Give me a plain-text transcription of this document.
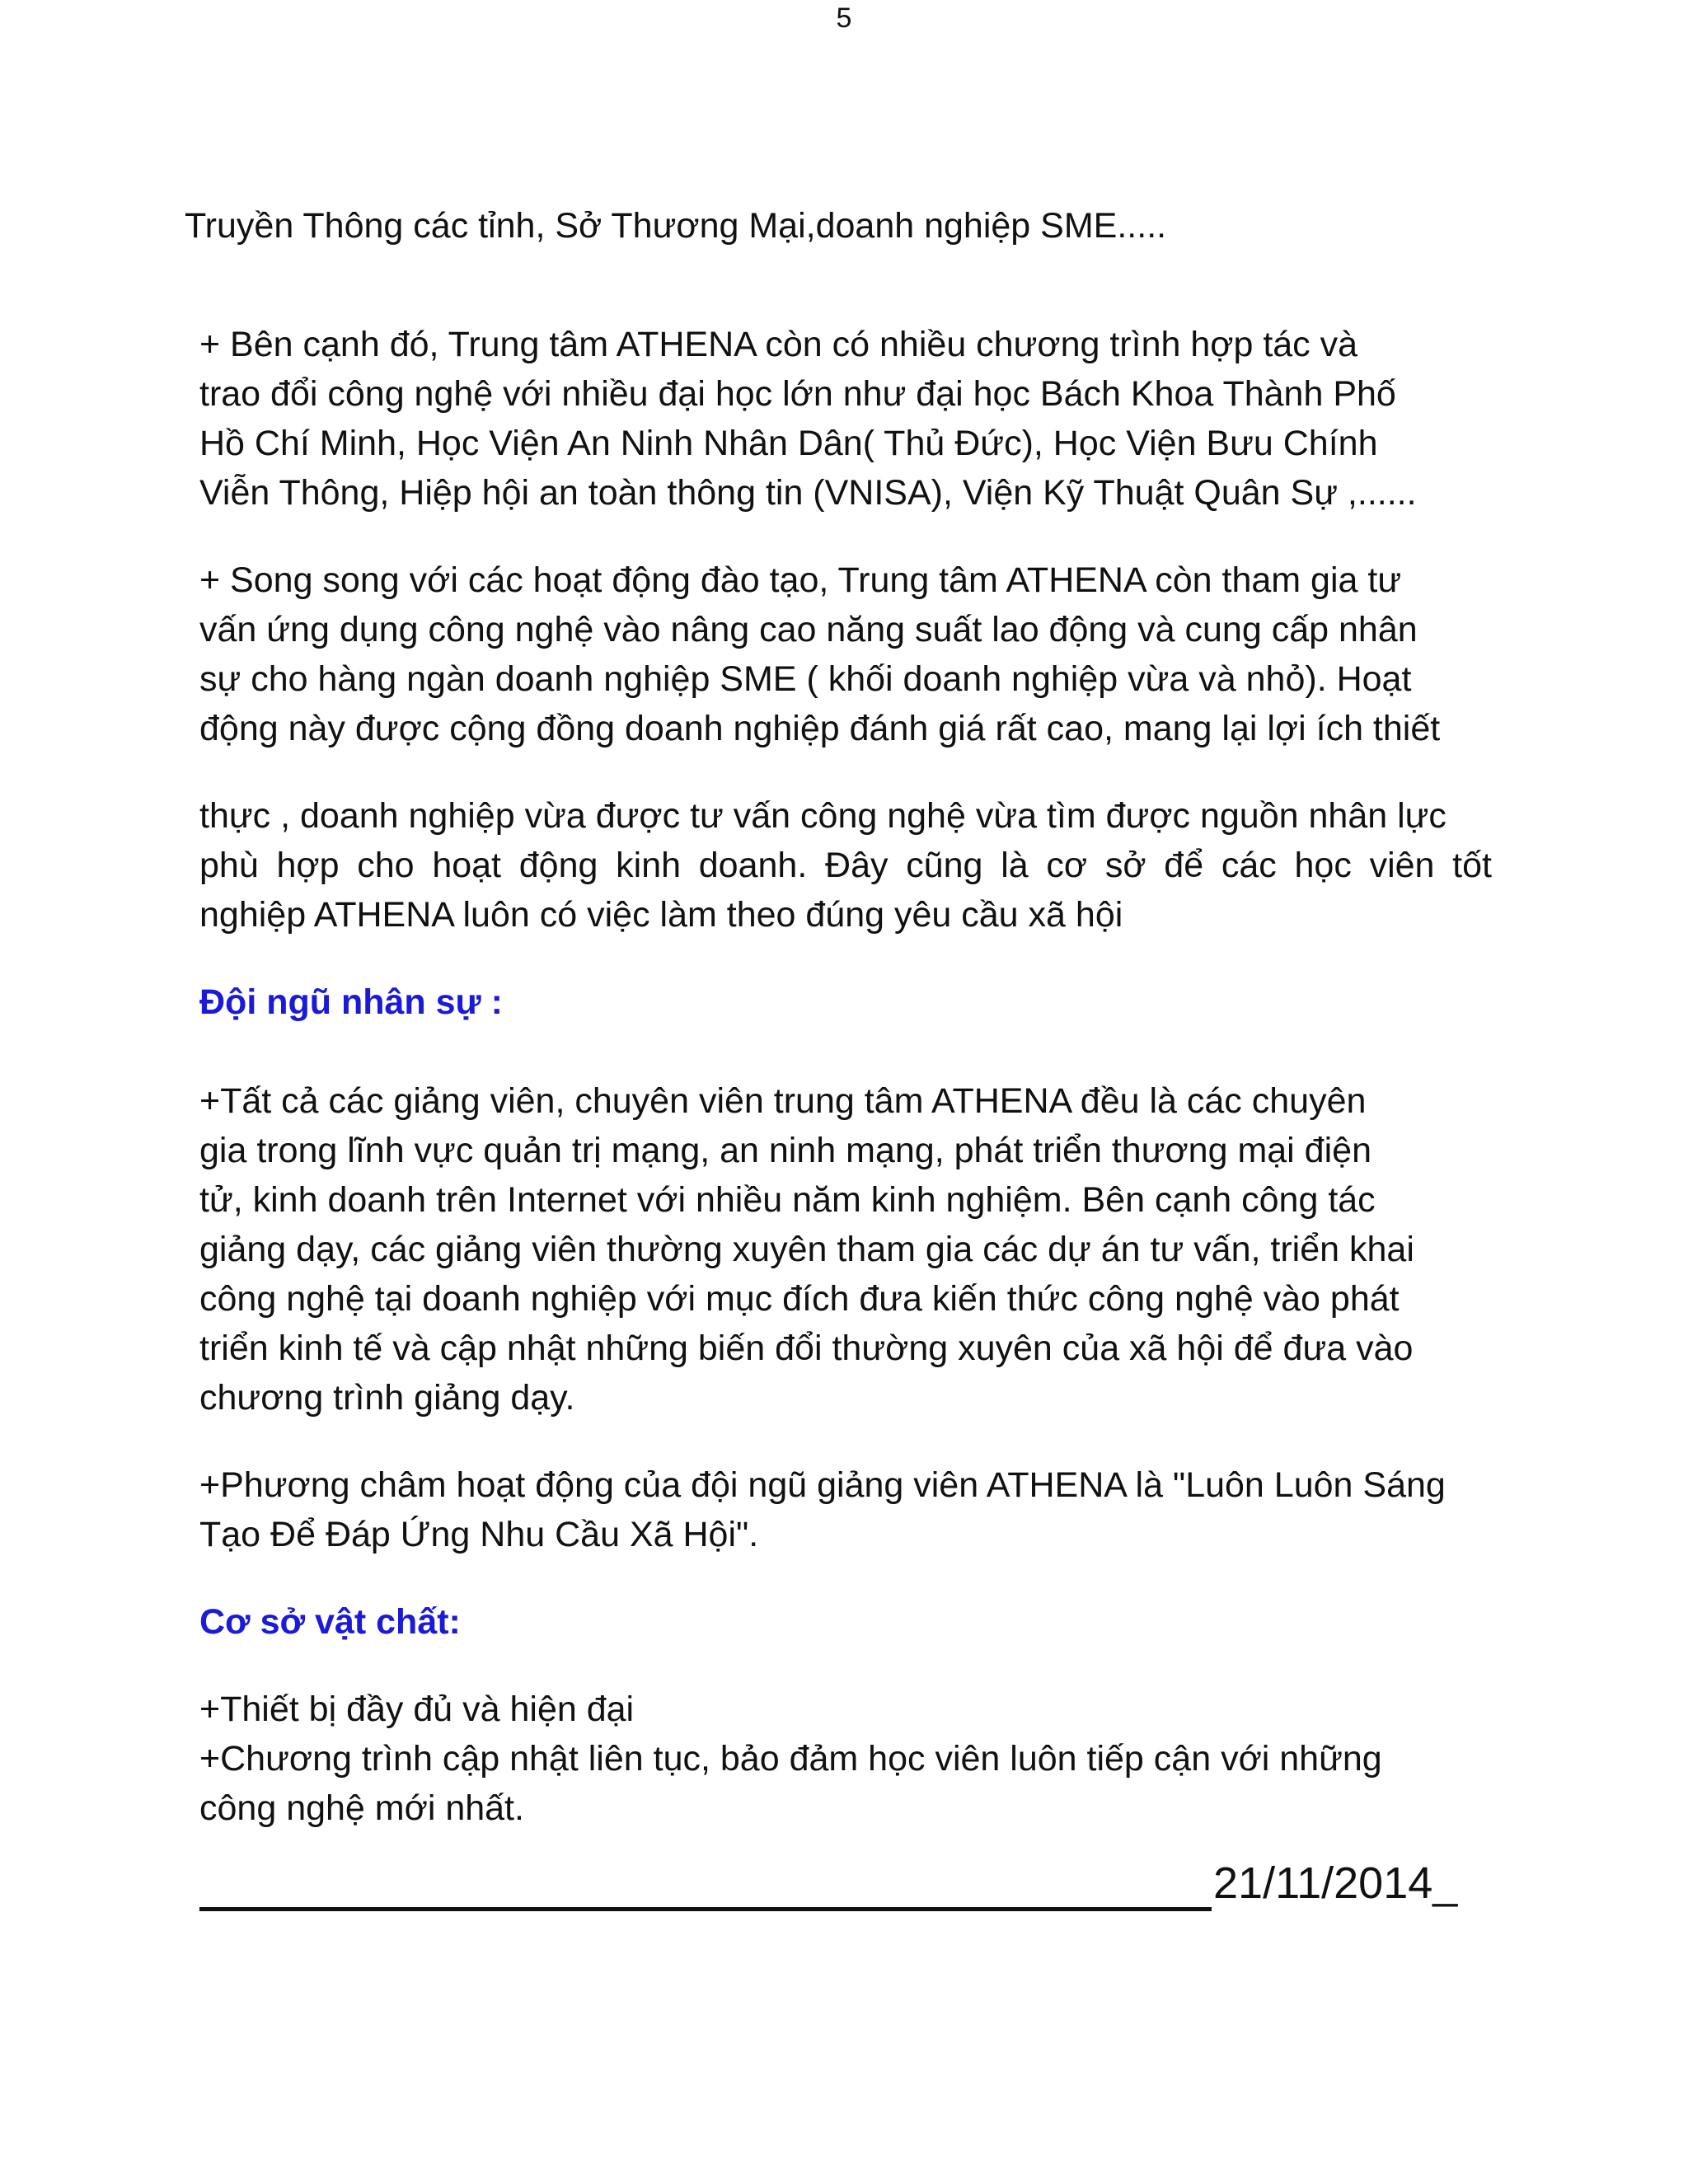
5
Truyền Thông các tỉnh, Sở Thương Mại,doanh nghiệp SME.....
+ Bên cạnh đó, Trung tâm ATHENA còn có nhiều chương trình hợp tác và
trao đổi công nghệ với nhiều đại học lớn như đại học Bách Khoa Thành Phố
Hồ Chí Minh, Học Viện An Ninh Nhân Dân( Thủ Đức), Học Viện Bưu Chính
Viễn Thông, Hiệp hội an toàn thông tin (VNISA), Viện Kỹ Thuật Quân Sự ,......
+ Song song với các hoạt động đào tạo, Trung tâm ATHENA còn tham gia tư
vấn ứng dụng công nghệ vào nâng cao năng suất lao động và cung cấp nhân
sự cho hàng ngàn doanh nghiệp SME ( khối doanh nghiệp vừa và nhỏ). Hoạt
động này được cộng đồng doanh nghiệp đánh giá rất cao, mang lại lợi ích thiết
thực , doanh nghiệp vừa được tư vấn công nghệ vừa tìm được nguồn nhân lực
phù hợp cho hoạt động kinh doanh. Đây cũng là cơ sở để các học viên tốt
nghiệp ATHENA luôn có việc làm theo đúng yêu cầu xã hội
Đội ngũ nhân sự :
+Tất cả các giảng viên, chuyên viên trung tâm ATHENA đều là các chuyên
gia trong lĩnh vực quản trị mạng, an ninh mạng, phát triển thương mại điện
tử, kinh doanh trên Internet với nhiều năm kinh nghiệm. Bên cạnh công tác
giảng dạy, các giảng viên thường xuyên tham gia các dự án tư vấn, triển khai
công nghệ tại doanh nghiệp với mục đích đưa kiến thức công nghệ vào phát
triển kinh tế và cập nhật những biến đổi thường xuyên của xã hội để đưa vào
chương trình giảng dạy.
+Phương châm hoạt động của đội ngũ giảng viên ATHENA là "Luôn Luôn Sáng
Tạo Để Đáp Ứng Nhu Cầu Xã Hội".
Cơ sở vật chất:
+Thiết bị đầy đủ và hiện đại
+Chương trình cập nhật liên tục, bảo đảm học viên luôn tiếp cận với những
công nghệ mới nhất.
21/11/2014_
